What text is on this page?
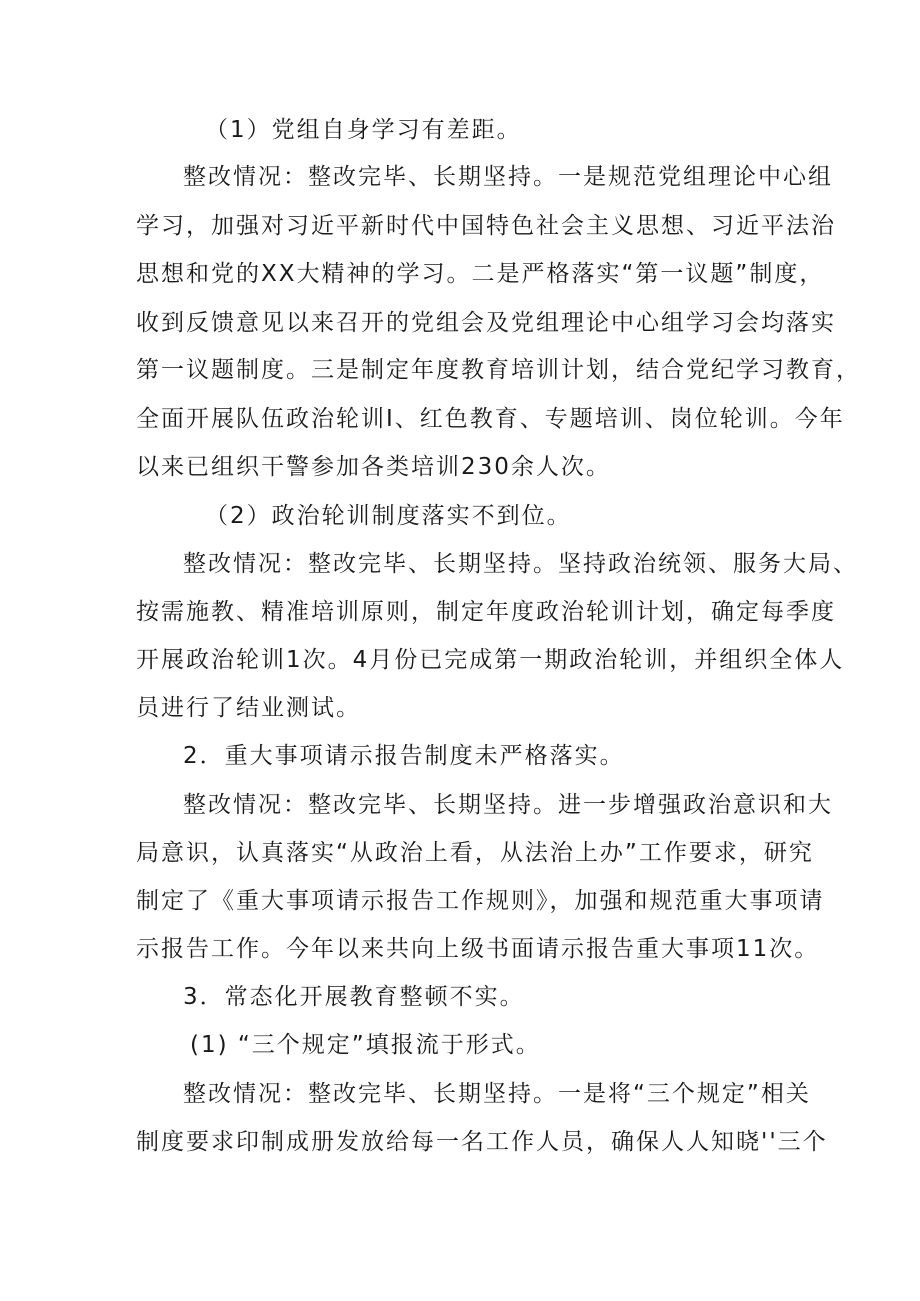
（1）党组自身学习有差距。
整改情况：整改完毕、长期坚持。一是规范党组理论中心组
学习，加强对习近平新时代中国特色社会主义思想、习近平法治
思想和党的XX大精神的学习。二是严格落实“第一议题”制度，
收到反馈意见以来召开的党组会及党组理论中心组学习会均落实
第一议题制度。三是制定年度教育培训计划，结合党纪学习教育，
全面开展队伍政治轮训I、红色教育、专题培训、岗位轮训。今年
以来已组织干警参加各类培训230余人次。
（2）政治轮训制度落实不到位。
整改情况：整改完毕、长期坚持。坚持政治统领、服务大局、
按需施教、精准培训原则，制定年度政治轮训计划，确定每季度
开展政治轮训1次。4月份已完成第一期政治轮训，并组织全体人
员进行了结业测试。
2．重大事项请示报告制度未严格落实。
整改情况：整改完毕、长期坚持。进一步增强政治意识和大
局意识，认真落实“从政治上看，从法治上办”工作要求，研究
制定了《重大事项请示报告工作规则》，加强和规范重大事项请
示报告工作。今年以来共向上级书面请示报告重大事项11次。
3．常态化开展教育整顿不实。
(1) “三个规定”填报流于形式。
整改情况：整改完毕、长期坚持。一是将“三个规定”相关
制度要求印制成册发放给每一名工作人员，确保人人知晓''三个
